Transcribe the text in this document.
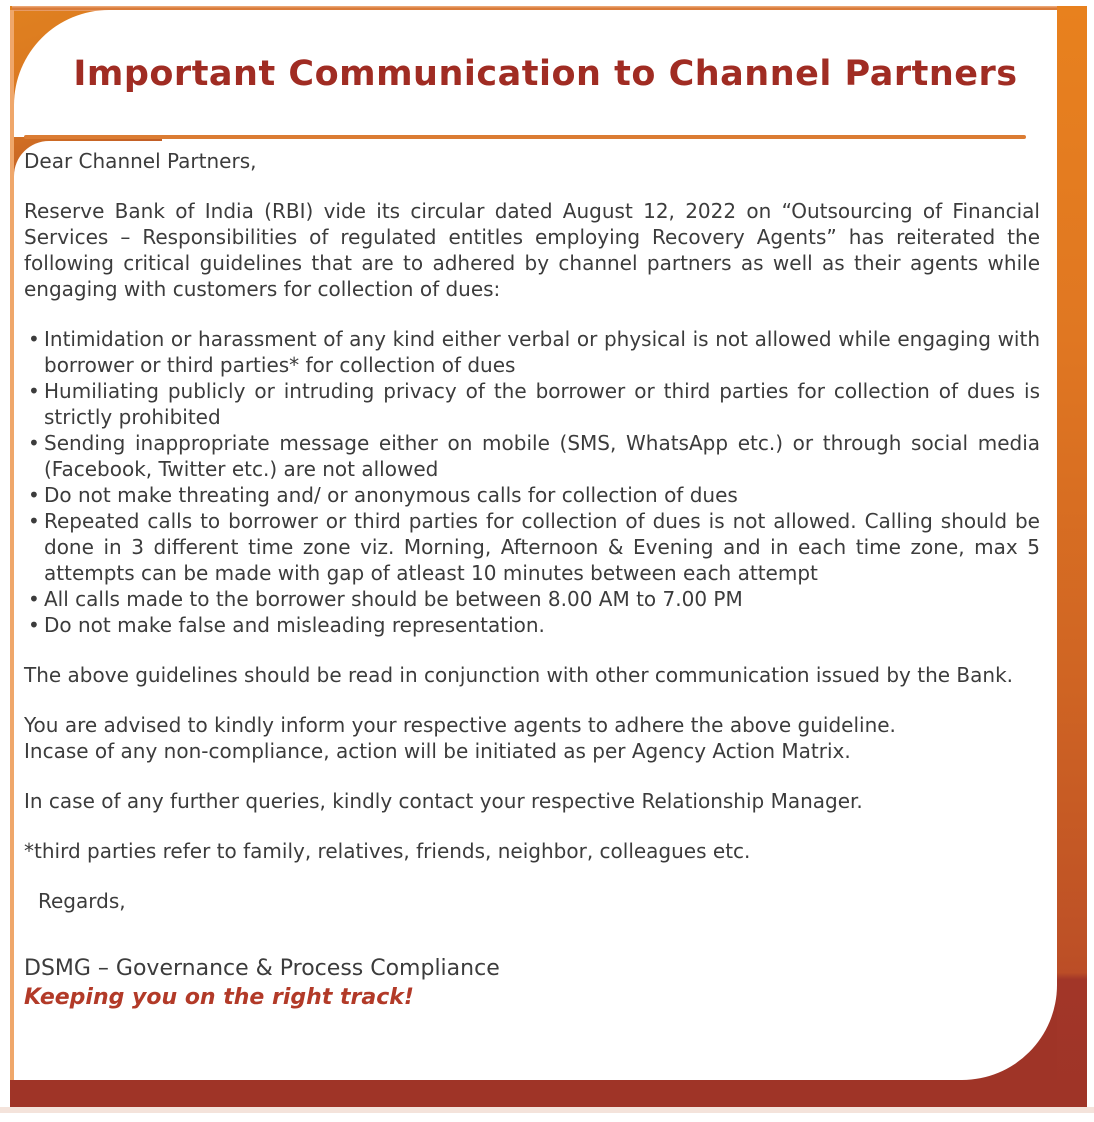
Important Communication to Channel Partners

Dear Channel Partners,

Reserve Bank of India (RBI) vide its circular dated August 12, 2022 on “Outsourcing of Financial Services – Responsibilities of regulated entitles employing Recovery Agents” has reiterated the following critical guidelines that are to adhered by channel partners as well as their agents while engaging with customers for collection of dues:

• Intimidation or harassment of any kind either verbal or physical is not allowed while engaging with borrower or third parties* for collection of dues
• Humiliating publicly or intruding privacy of the borrower or third parties for collection of dues is strictly prohibited
• Sending inappropriate message either on mobile (SMS, WhatsApp etc.) or through social media (Facebook, Twitter etc.) are not allowed
• Do not make threating and/ or anonymous calls for collection of dues
• Repeated calls to borrower or third parties for collection of dues is not allowed. Calling should be done in 3 different time zone viz. Morning, Afternoon & Evening and in each time zone, max 5 attempts can be made with gap of atleast 10 minutes between each attempt
• All calls made to the borrower should be between 8.00 AM to 7.00 PM
• Do not make false and misleading representation.

The above guidelines should be read in conjunction with other communication issued by the Bank.

You are advised to kindly inform your respective agents to adhere the above guideline.
Incase of any non-compliance, action will be initiated as per Agency Action Matrix.

In case of any further queries, kindly contact your respective Relationship Manager.

*third parties refer to family, relatives, friends, neighbor, colleagues etc.

Regards,

DSMG – Governance & Process Compliance

Keeping you on the right track!
